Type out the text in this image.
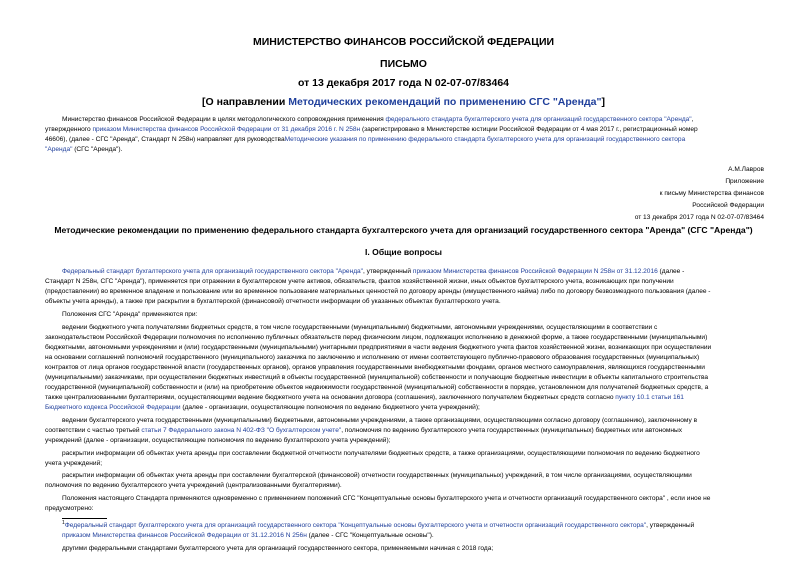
МИНИСТЕРСТВО ФИНАНСОВ РОССИЙСКОЙ ФЕДЕРАЦИИ
ПИСЬМО
от 13 декабря 2017 года N 02-07-07/83464
[О направлении Методических рекомендаций по применению СГС "Аренда"]
Министерство финансов Российской Федерации в целях методологического сопровождения применения федерального стандарта бухгалтерского учета для организаций государственного сектора "Аренда",
утвержденного приказом Министерства финансов Российской Федерации от 31 декабря 2016 г. N 258н (зарегистрировано в Министерстве юстиции Российской Федерации от 4 мая 2017 г., регистрационный номер
46606), (далее - СГС "Аренда", Стандарт N 258н) направляет для руководстваМетодические указания по применению федерального стандарта бухгалтерского учета для организаций государственного сектора
"Аренда" (СГС "Аренда").
А.М.Лавров
Приложение
к письму Министерства финансов
Российской Федерации
от 13 декабря 2017 года N 02-07-07/83464
Методические рекомендации по применению федерального стандарта бухгалтерского учета для организаций государственного сектора "Аренда" (СГС "Аренда")
I. Общие вопросы
Федеральный стандарт бухгалтерского учета для организаций государственного сектора "Аренда", утвержденный приказом Министерства финансов Российской Федерации N 258н от 31.12.2016 (далее -
Стандарт N 258н, СГС "Аренда"), применяется при отражении в бухгалтерском учете активов, обязательств, фактов хозяйственной жизни, иных объектов бухгалтерского учета, возникающих при получении
(предоставлении) во временное владение и пользование или во временное пользование материальных ценностей по договору аренды (имущественного найма) либо по договору безвозмездного пользования (далее -
объекты учета аренды), а также при раскрытии в бухгалтерской (финансовой) отчетности информации об указанных объектах бухгалтерского учета.
Положения СГС "Аренда" применяются при:
ведении бюджетного учета получателями бюджетных средств, в том числе государственными (муниципальными) бюджетными, автономными учреждениями, осуществляющими в соответствии с
законодательством Российской Федерации полномочия по исполнению публичных обязательств перед физическим лицом, подлежащих исполнению в денежной форме, а также государственными (муниципальными)
бюджетными, автономными учреждениями и (или) государственными (муниципальными) унитарными предприятиями в части ведения бюджетного учета фактов хозяйственной жизни, возникающих при осуществлении
на основании соглашений полномочий государственного (муниципального) заказчика по заключению и исполнению от имени соответствующего публично-правового образования государственных (муниципальных)
контрактов от лица органов государственной власти (государственных органов), органов управления государственными внебюджетными фондами, органов местного самоуправления, являющихся государственными
(муниципальными) заказчиками, при осуществлении бюджетных инвестиций в объекты государственной (муниципальной) собственности и получающие бюджетные инвестиции в объекты капитального строительства
государственной (муниципальной) собственности и (или) на приобретение объектов недвижимости государственной (муниципальной) собственности в порядке, установленном для получателей бюджетных средств, а
также централизованными бухгалтериями, осуществляющими ведение бюджетного учета на основании договора (соглашения), заключенного получателем бюджетных средств согласно пункту 10.1 статьи 161
Бюджетного кодекса Российской Федерации (далее - организации, осуществляющие полномочия по ведению бюджетного учета учреждений);
ведении бухгалтерского учета государственными (муниципальными) бюджетными, автономными учреждениями, а также организациями, осуществляющими согласно договору (соглашению), заключенному в
соответствии с частью третьей статьи 7 Федерального закона N 402-ФЗ "О бухгалтерском учете", полномочия по ведению бухгалтерского учета государственных (муниципальных) бюджетных или автономных
учреждений (далее - организации, осуществляющие полномочия по ведению бухгалтерского учета учреждений);
раскрытии информации об объектах учета аренды при составлении бюджетной отчетности получателями бюджетных средств, а также организациями, осуществляющими полномочия по ведению бюджетного
учета учреждений;
раскрытии информации об объектах учета аренды при составлении бухгалтерской (финансовой) отчетности государственных (муниципальных) учреждений, в том числе организациями, осуществляющими
полномочия по ведению бухгалтерского учета учреждений (централизованными бухгалтериями).
Положения настоящего Стандарта применяются одновременно с применением положений СГС "Концептуальные основы бухгалтерского учета и отчетности организаций государственного сектора" , если иное не
предусмотрено:
$^1$Федеральный стандарт бухгалтерского учета для организаций государственного сектора "Концептуальные основы бухгалтерского учета и отчетности организаций государственного сектора", утвержденный
приказом Министерства финансов Российской Федерации от 31.12.2016 N 256н (далее - СГС "Концептуальные основы").
другими федеральными стандартами бухгалтерского учета для организаций государственного сектора, применяемыми начиная с 2018 года;
